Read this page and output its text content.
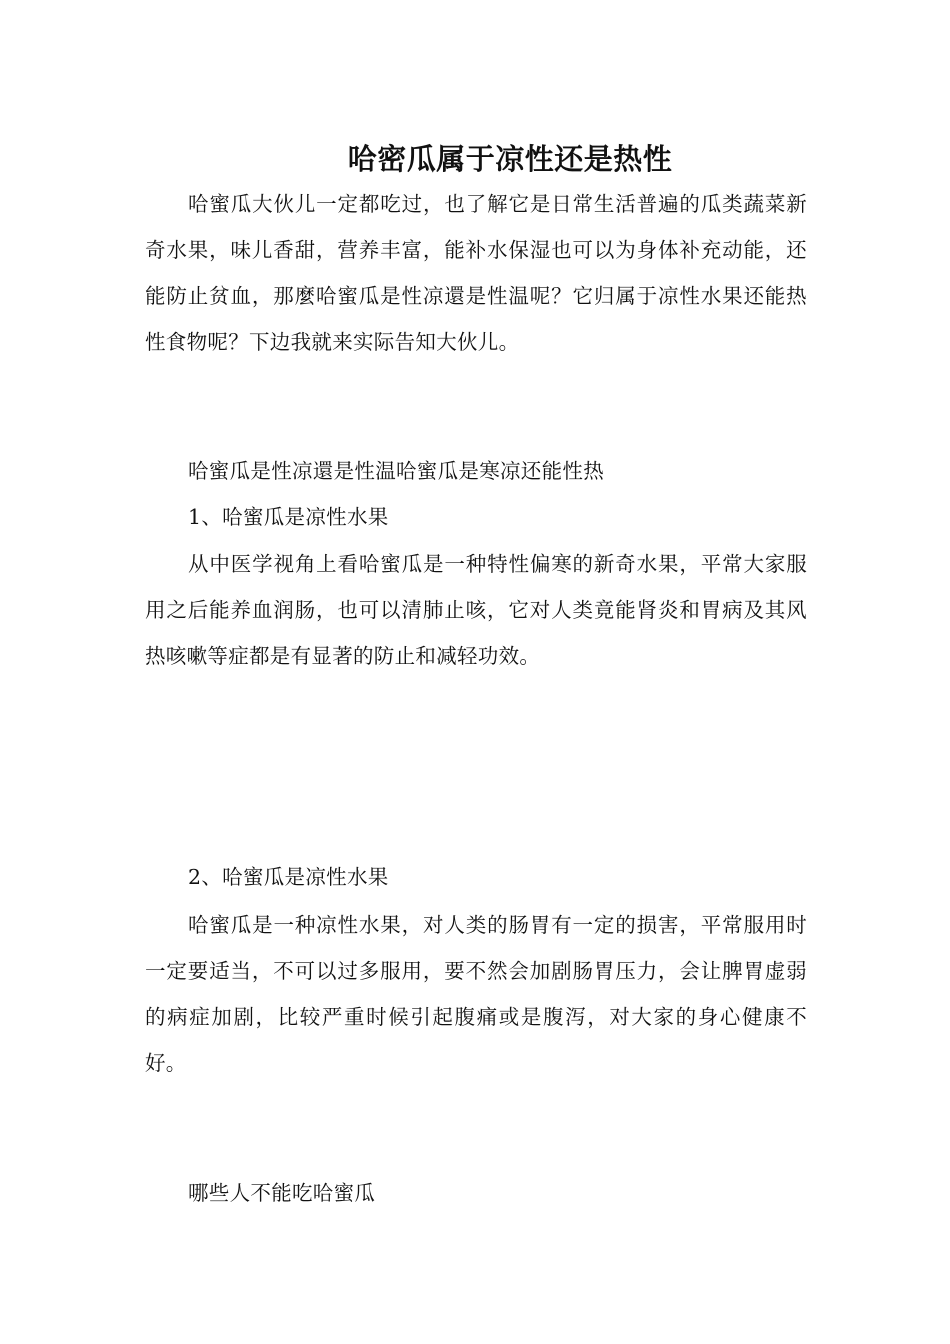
哈密瓜属于凉性还是热性

哈蜜瓜大伙儿一定都吃过，也了解它是日常生活普遍的瓜类蔬菜新奇水果，味儿香甜，营养丰富，能补水保湿也可以为身体补充动能，还能防止贫血，那麼哈蜜瓜是性凉還是性温呢？它归属于凉性水果还能热性食物呢？下边我就来实际告知大伙儿。

哈蜜瓜是性凉還是性温哈蜜瓜是寒凉还能性热

1、哈蜜瓜是凉性水果

从中医学视角上看哈蜜瓜是一种特性偏寒的新奇水果，平常大家服用之后能养血润肠，也可以清肺止咳，它对人类竟能肾炎和胃病及其风热咳嗽等症都是有显著的防止和减轻功效。

2、哈蜜瓜是凉性水果

哈蜜瓜是一种凉性水果，对人类的肠胃有一定的损害，平常服用时一定要适当，不可以过多服用，要不然会加剧肠胃压力，会让脾胃虚弱的病症加剧，比较严重时候引起腹痛或是腹泻，对大家的身心健康不好。

哪些人不能吃哈蜜瓜
